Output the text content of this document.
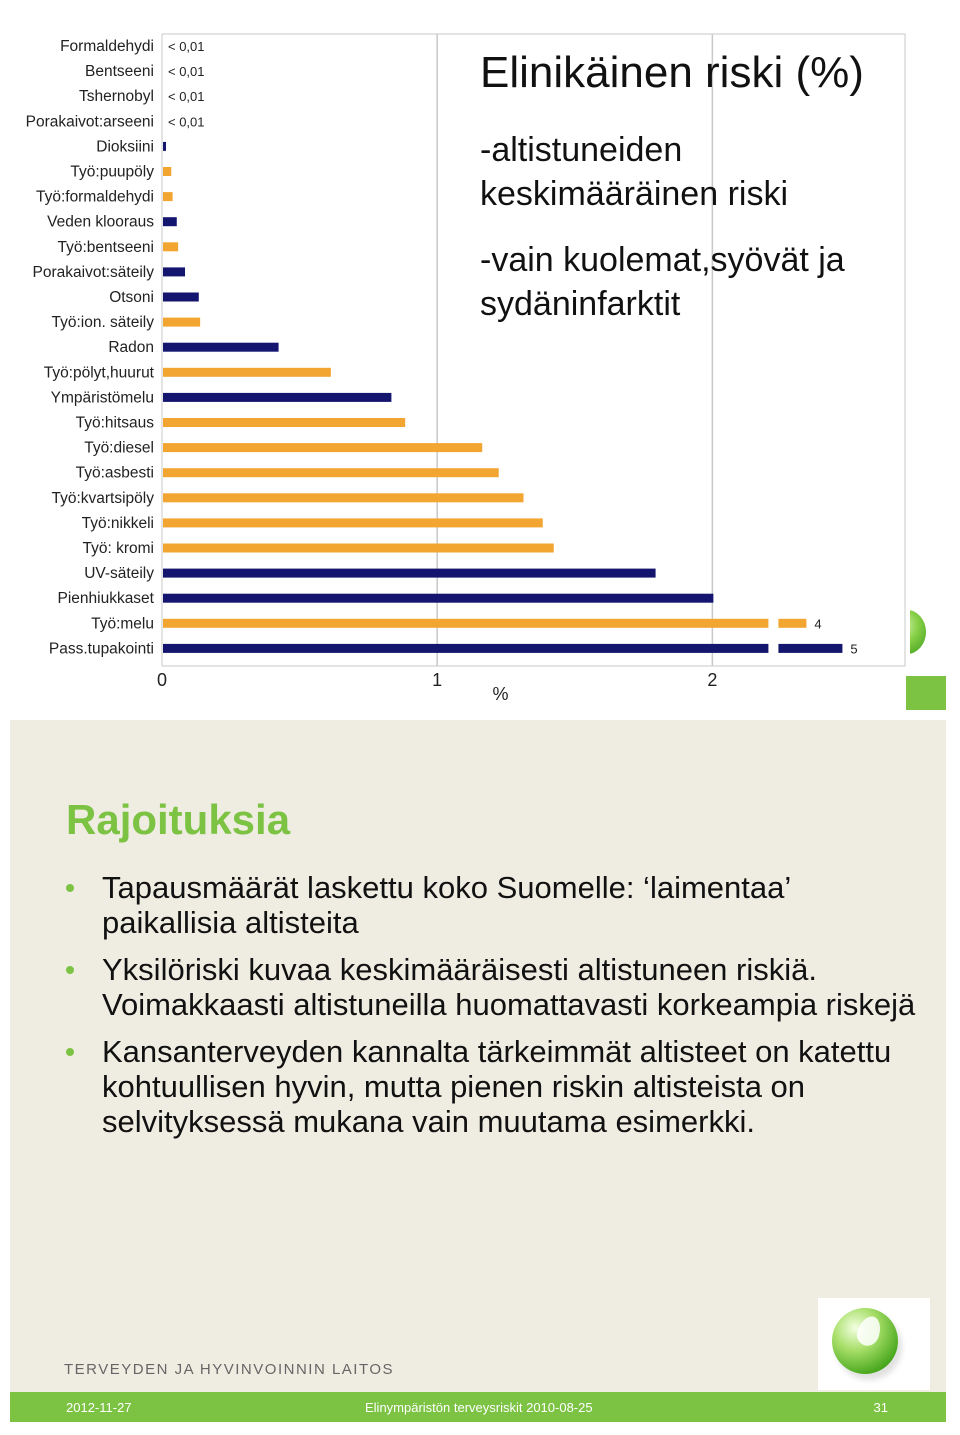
0	1	2
%
Formaldehydi < 0,01
Bentseeni < 0,01
Tshernobyl < 0,01
Porakaivot:arseeni < 0,01
Dioksiini
Työ:puupöly
Työ:formaldehydi
Veden klooraus
Työ:bentseeni
Porakaivot:säteily
Otsoni
Työ:ion. säteily
Radon
Työ:pölyt,huurut
Ympäristömelu
Työ:hitsaus
Työ:diesel
Työ:asbesti
Työ:kvartsipöly
Työ:nikkeli
Työ: kromi
UV-säteily
Pienhiukkaset
Työ:melu	4
Pass.tupakointi	5
Elinikäinen riski (%)
-altistuneiden keskimääräinen riski
-vain kuolemat,syövät ja sydäninfarktit
Rajoituksia
Tapausmäärät laskettu koko Suomelle: ‘laimentaa’ paikallisia altisteita
Yksilöriski kuvaa keskimääräisesti altistuneen riskiä. Voimakkaasti altistuneilla huomattavasti korkeampia riskejä
Kansanterveyden kannalta tärkeimmät altisteet on katettu kohtuullisen hyvin, mutta pienen riskin altisteista on selvityksessä mukana vain muutama esimerkki.
TERVEYDEN JA HYVINVOINNIN LAITOS
2012-11-27	Elinympäristön terveysriskit 2010-08-25	31
